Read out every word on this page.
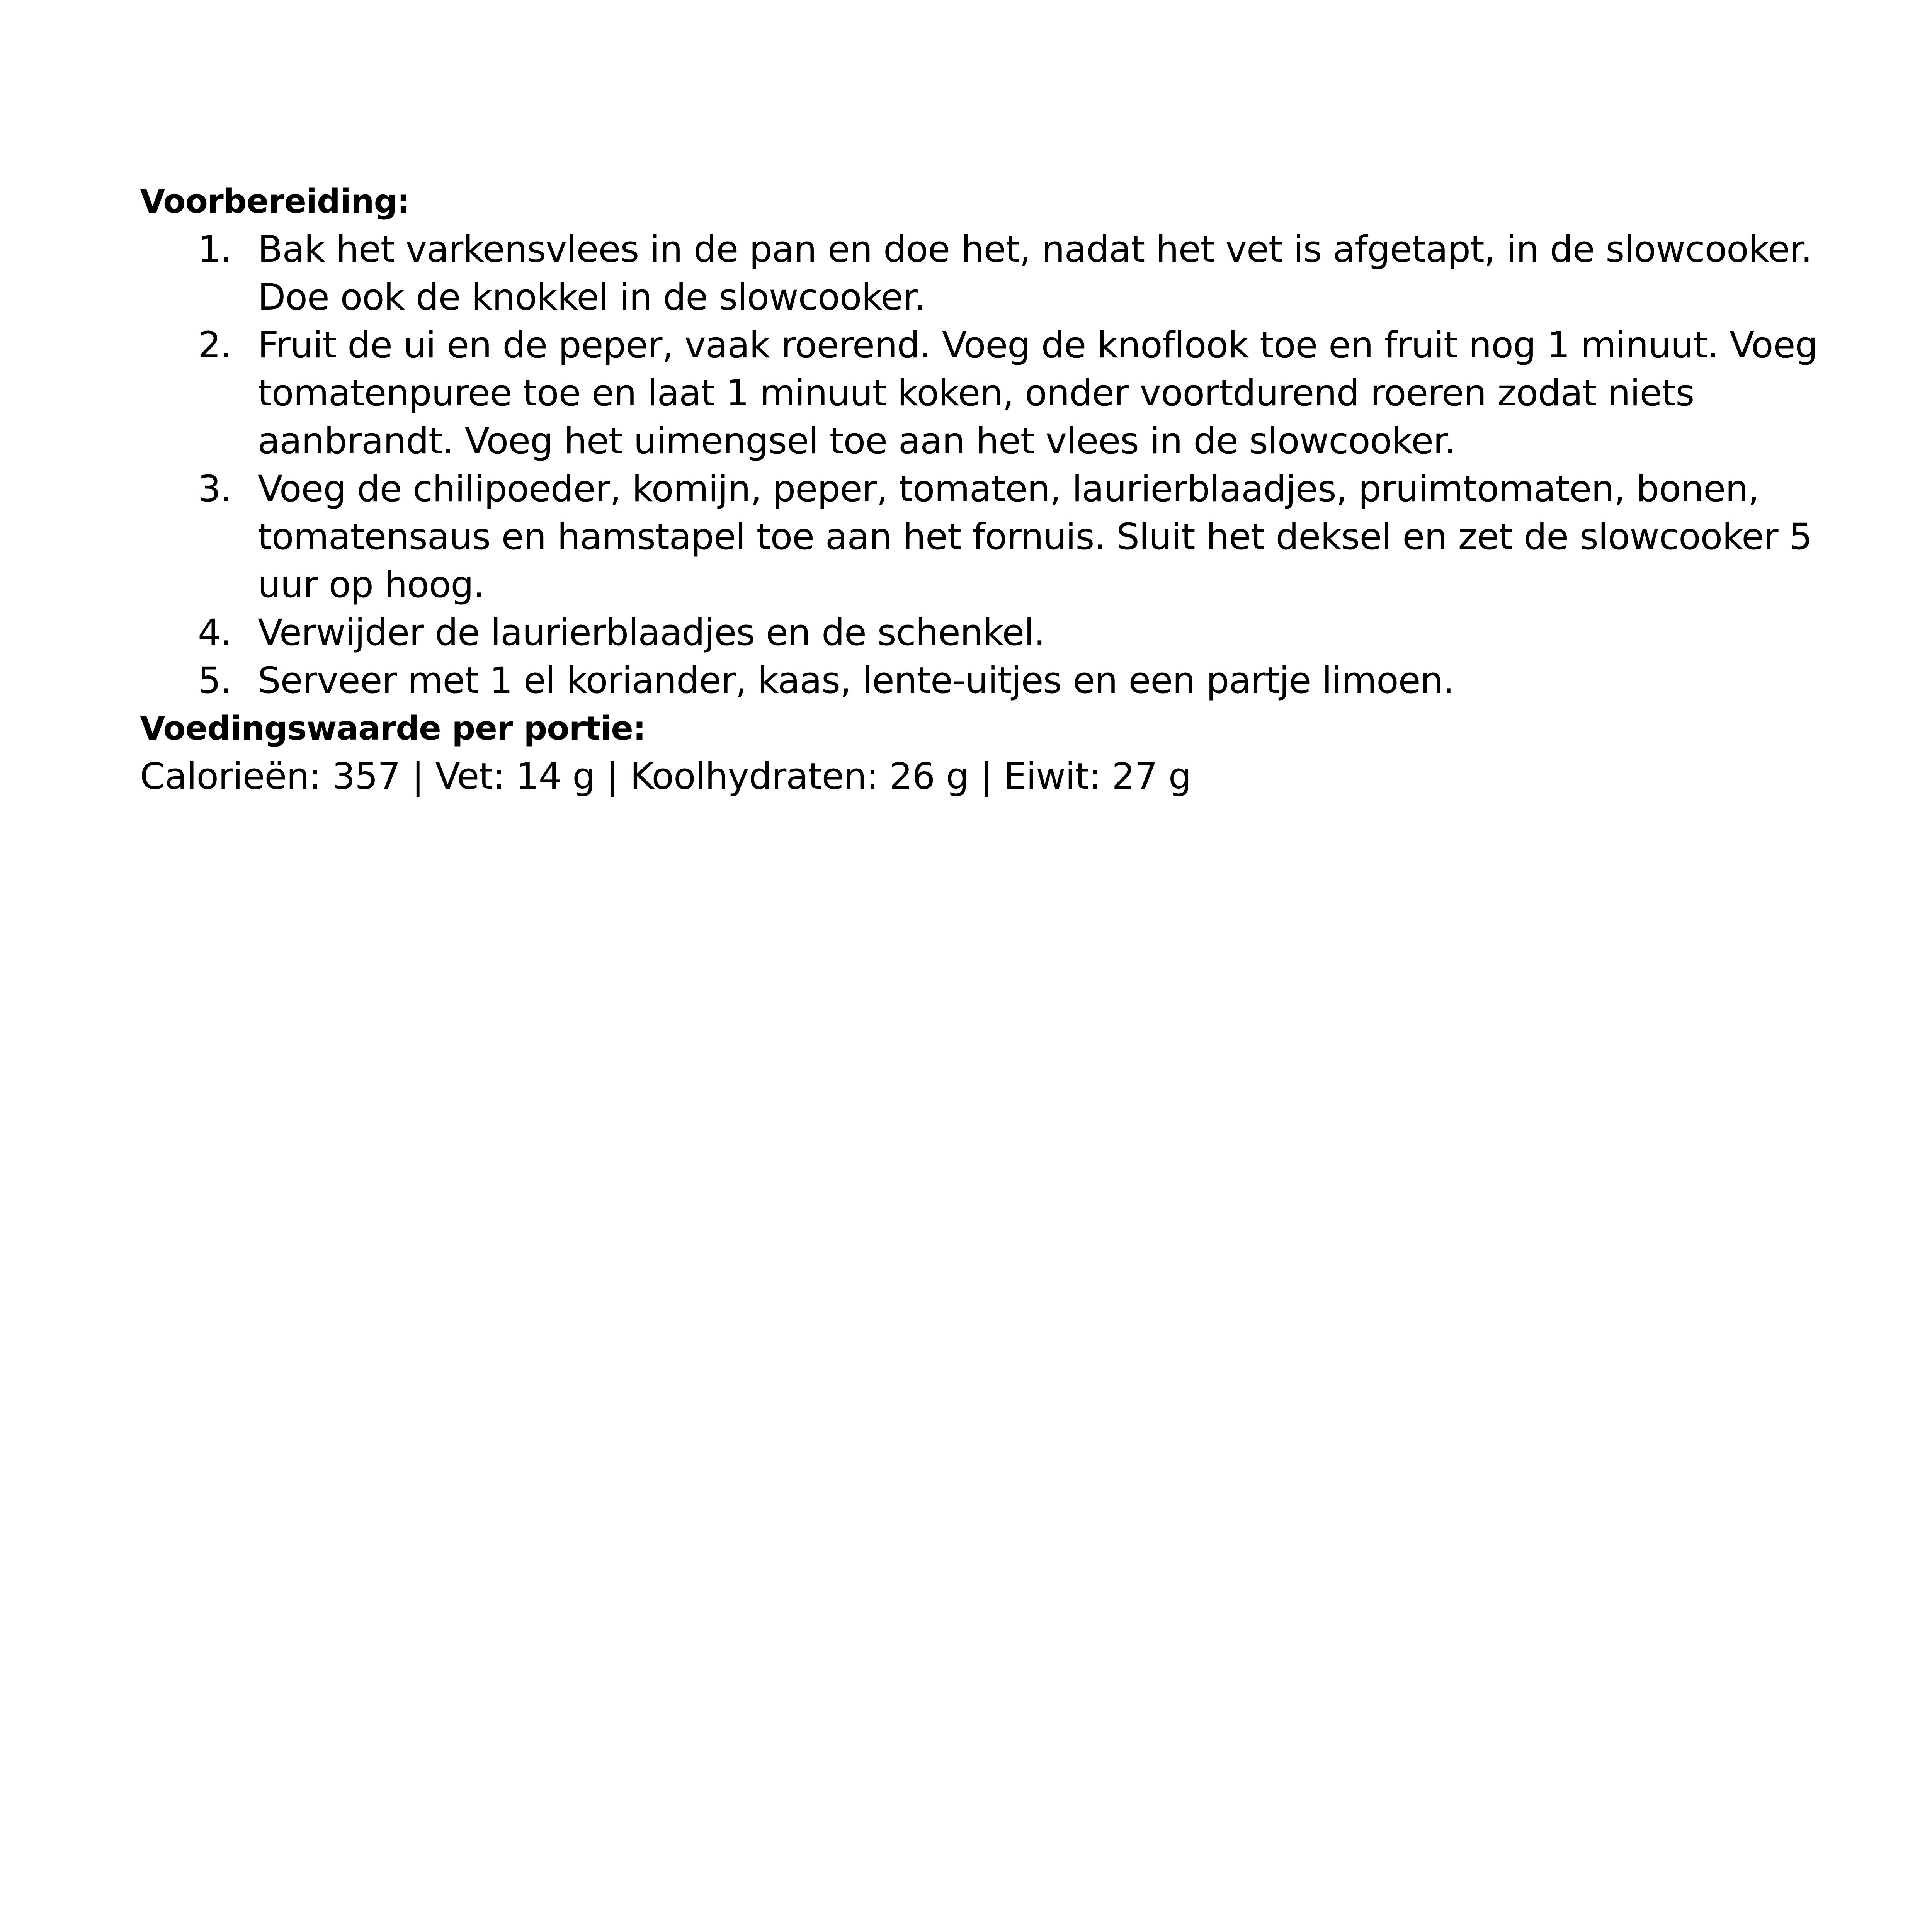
Voorbereiding:
1. Bak het varkensvlees in de pan en doe het, nadat het vet is afgetapt, in de slowcooker. Doe ook de knokkel in de slowcooker.
2. Fruit de ui en de peper, vaak roerend. Voeg de knoflook toe en fruit nog 1 minuut. Voeg tomatenpuree toe en laat 1 minuut koken, onder voortdurend roeren zodat niets aanbrandt. Voeg het uimengsel toe aan het vlees in de slowcooker.
3. Voeg de chilipoeder, komijn, peper, tomaten, laurierblaadjes, pruimtomaten, bonen, tomatensaus en hamstapel toe aan het fornuis. Sluit het deksel en zet de slowcooker 5 uur op hoog.
4. Verwijder de laurierblaadjes en de schenkel.
5. Serveer met 1 el koriander, kaas, lente-uitjes en een partje limoen.
Voedingswaarde per portie:

Calorieën: 357 | Vet: 14 g | Koolhydraten: 26 g | Eiwit: 27 g
